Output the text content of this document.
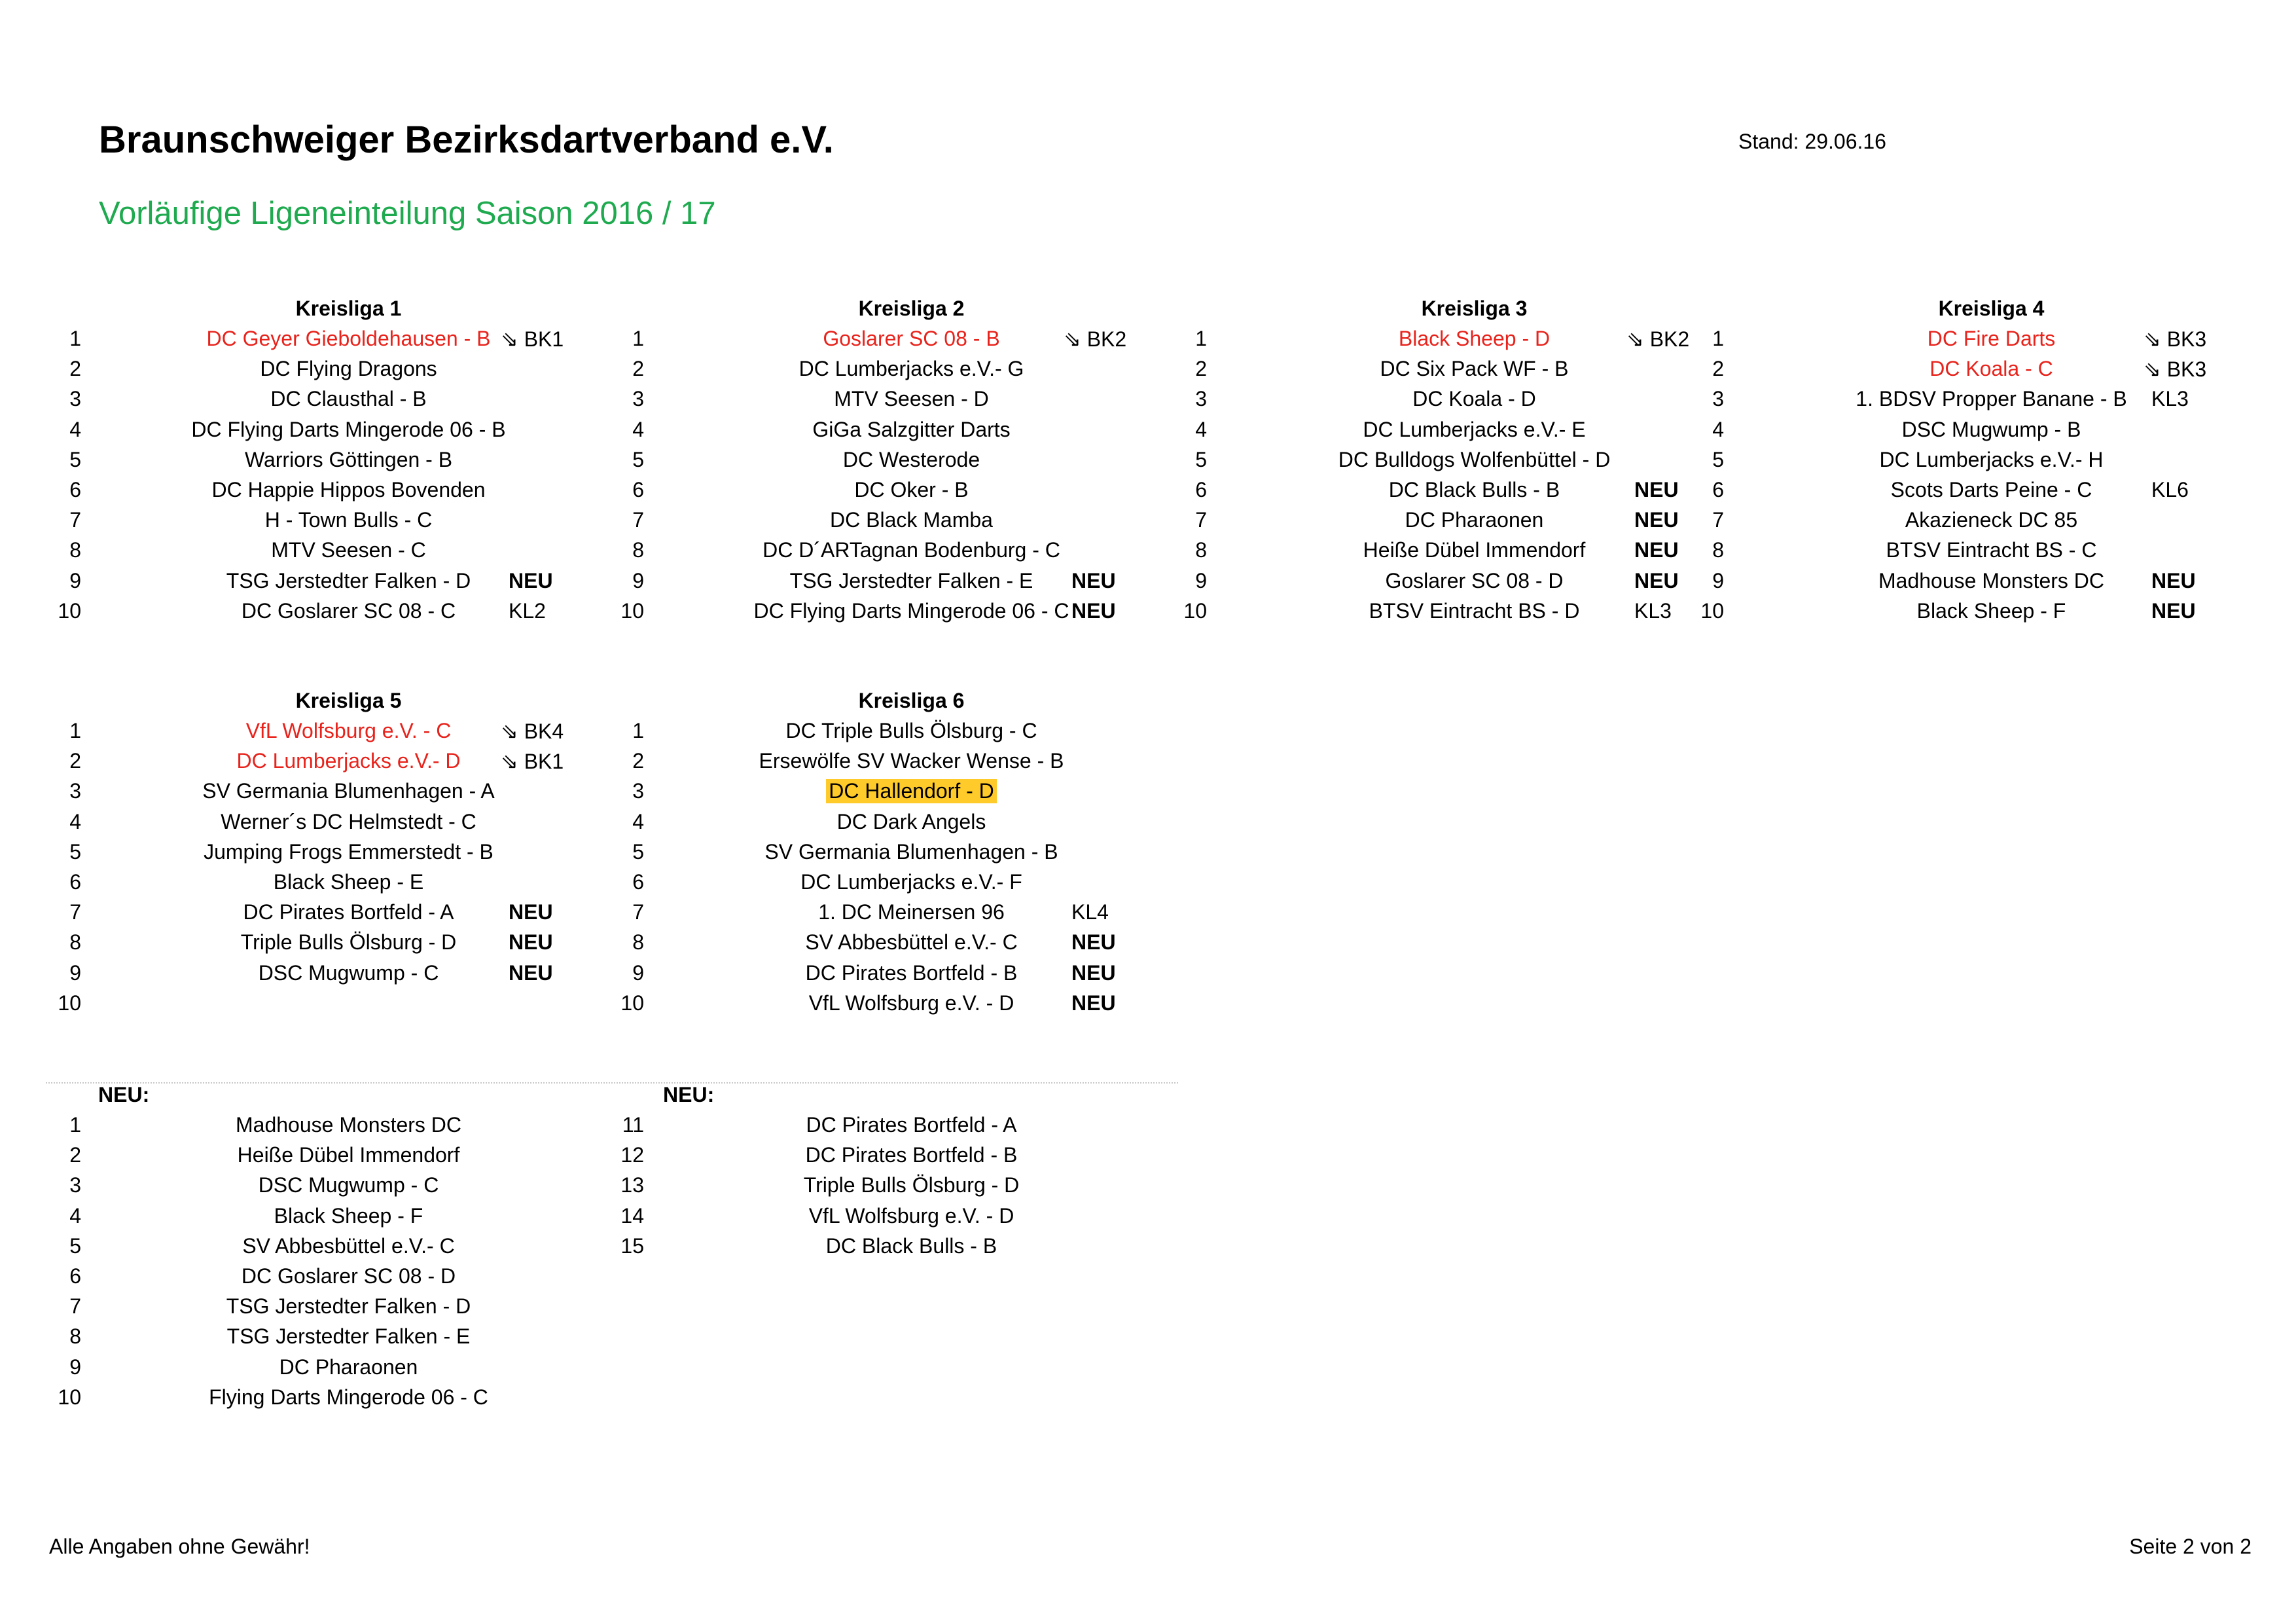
Braunschweiger Bezirksdartverband e.V.	Stand: 29.06.16
Vorläufige Ligeneinteilung Saison 2016 / 17
Kreisliga 1
1	DC Geyer Gieboldehausen - B ⇘ BK1
2	DC Flying Dragons
3	DC Clausthal - B
4	DC Flying Darts Mingerode 06 - B
5	Warriors Göttingen - B
6	DC Happie Hippos Bovenden
7	H - Town Bulls - C
8	MTV Seesen - C
9	TSG Jerstedter Falken - D	NEU
10	DC Goslarer SC 08 - C	KL2
Kreisliga 2
1	Goslarer SC 08 - B	⇘ BK2
2	DC Lumberjacks e.V.- G
3	MTV Seesen - D
4	GiGa Salzgitter Darts
5	DC Westerode
6	DC Oker - B
7	DC Black Mamba
8	DC D´ARTagnan Bodenburg - C
9	TSG Jerstedter Falken - E	NEU
10	DC Flying Darts Mingerode 06 - C NEU
Kreisliga 3
1	Black Sheep - D	⇘ BK2
2	DC Six Pack WF - B
3	DC Koala - D
4	DC Lumberjacks e.V.- E
5	DC Bulldogs Wolfenbüttel - D
6	DC Black Bulls - B	NEU
7	DC Pharaonen	NEU
8	Heiße Dübel Immendorf	NEU
9	Goslarer SC 08 - D	NEU
10	BTSV Eintracht BS - D	KL3
Kreisliga 4
1	DC Fire Darts	⇘ BK3
2	DC Koala - C	⇘ BK3
3	1. BDSV Propper Banane - B	KL3
4	DSC Mugwump - B
5	DC Lumberjacks e.V.- H
6	Scots Darts Peine - C	KL6
7	Akazieneck DC 85
8	BTSV Eintracht BS - C
9	Madhouse Monsters DC	NEU
10	Black Sheep - F	NEU
Kreisliga 5
1	VfL Wolfsburg e.V. - C	⇘ BK4
2	DC Lumberjacks e.V.- D	⇘ BK1
3	SV Germania Blumenhagen - A
4	Werner´s DC Helmstedt - C
5	Jumping Frogs Emmerstedt - B
6	Black Sheep - E
7	DC Pirates Bortfeld - A	NEU
8	Triple Bulls Ölsburg - D	NEU
9	DSC Mugwump - C	NEU
10
Kreisliga 6
1	DC Triple Bulls Ölsburg - C
2	Ersewölfe SV Wacker Wense - B
3	DC Hallendorf - D
4	DC Dark Angels
5	SV Germania Blumenhagen - B
6	DC Lumberjacks e.V.- F
7	1. DC Meinersen 96	KL4
8	SV Abbesbüttel e.V.- C	NEU
9	DC Pirates Bortfeld - B	NEU
10	VfL Wolfsburg e.V. - D	NEU
NEU:
1	Madhouse Monsters DC
2	Heiße Dübel Immendorf
3	DSC Mugwump - C
4	Black Sheep - F
5	SV Abbesbüttel e.V.- C
6	DC Goslarer SC 08 - D
7	TSG Jerstedter Falken - D
8	TSG Jerstedter Falken - E
9	DC Pharaonen
10	Flying Darts Mingerode 06 - C
NEU:
11	DC Pirates Bortfeld - A
12	DC Pirates Bortfeld - B
13	Triple Bulls Ölsburg - D
14	VfL Wolfsburg e.V. - D
15	DC Black Bulls - B
Alle Angaben ohne Gewähr!	Seite 2 von 2
